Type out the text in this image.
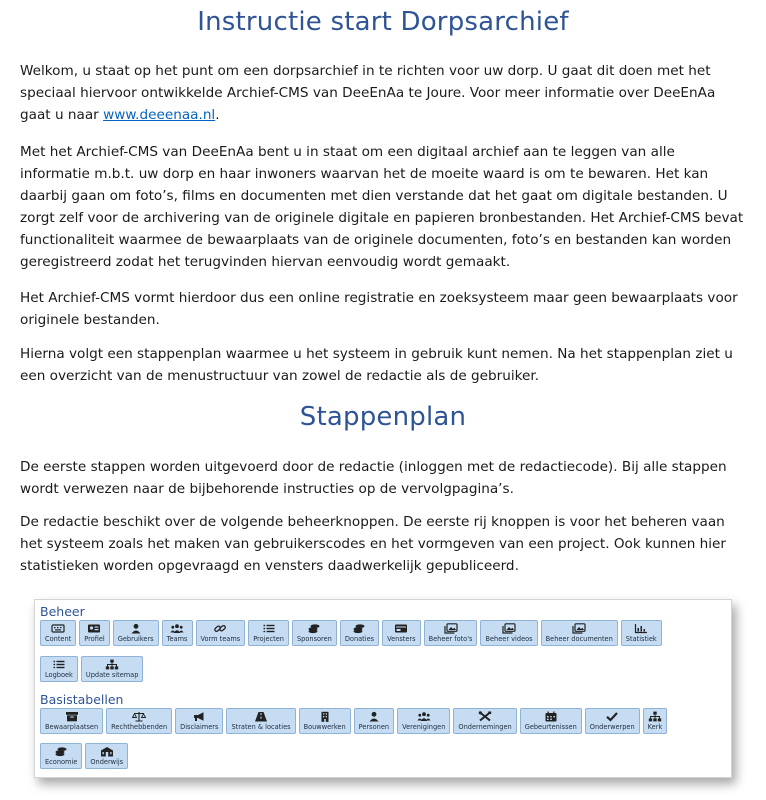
Instructie start Dorpsarchief

Welkom, u staat op het punt om een dorpsarchief in te richten voor uw dorp. U gaat dit doen met het speciaal hiervoor ontwikkelde Archief-CMS van DeeEnAa te Joure. Voor meer informatie over DeeEnAa gaat u naar www.deeenaa.nl.

Met het Archief-CMS van DeeEnAa bent u in staat om een digitaal archief aan te leggen van alle informatie m.b.t. uw dorp en haar inwoners waarvan het de moeite waard is om te bewaren. Het kan daarbij gaan om foto’s, films en documenten met dien verstande dat het gaat om digitale bestanden. U zorgt zelf voor de archivering van de originele digitale en papieren bronbestanden. Het Archief-CMS bevat functionaliteit waarmee de bewaarplaats van de originele documenten, foto’s en bestanden kan worden geregistreerd zodat het terugvinden hiervan eenvoudig wordt gemaakt.

Het Archief-CMS vormt hierdoor dus een online registratie en zoeksysteem maar geen bewaarplaats voor originele bestanden.

Hierna volgt een stappenplan waarmee u het systeem in gebruik kunt nemen. Na het stappenplan ziet u een overzicht van de menustructuur van zowel de redactie als de gebruiker.

Stappenplan

De eerste stappen worden uitgevoerd door de redactie (inloggen met de redactiecode). Bij alle stappen wordt verwezen naar de bijbehorende instructies op de vervolgpagina’s.

De redactie beschikt over de volgende beheerknoppen. De eerste rij knoppen is voor het beheren vaan het systeem zoals het maken van gebruikerscodes en het vormgeven van een project. Ook kunnen hier statistieken worden opgevraagd en vensters daadwerkelijk gepubliceerd.

Beheer
Content Profiel Gebruikers Teams Vorm teams Projecten Sponsoren Donaties Vensters Beheer foto's Beheer videos Beheer documenten Statistiek
Logboek Update sitemap
Basistabellen
Bewaarplaatsen Rechthebbenden Disclaimers Straten & locaties Bouwwerken Personen Verenigingen Ondernemingen Gebeurtenissen Onderwerpen Kerk
Economie Onderwijs
